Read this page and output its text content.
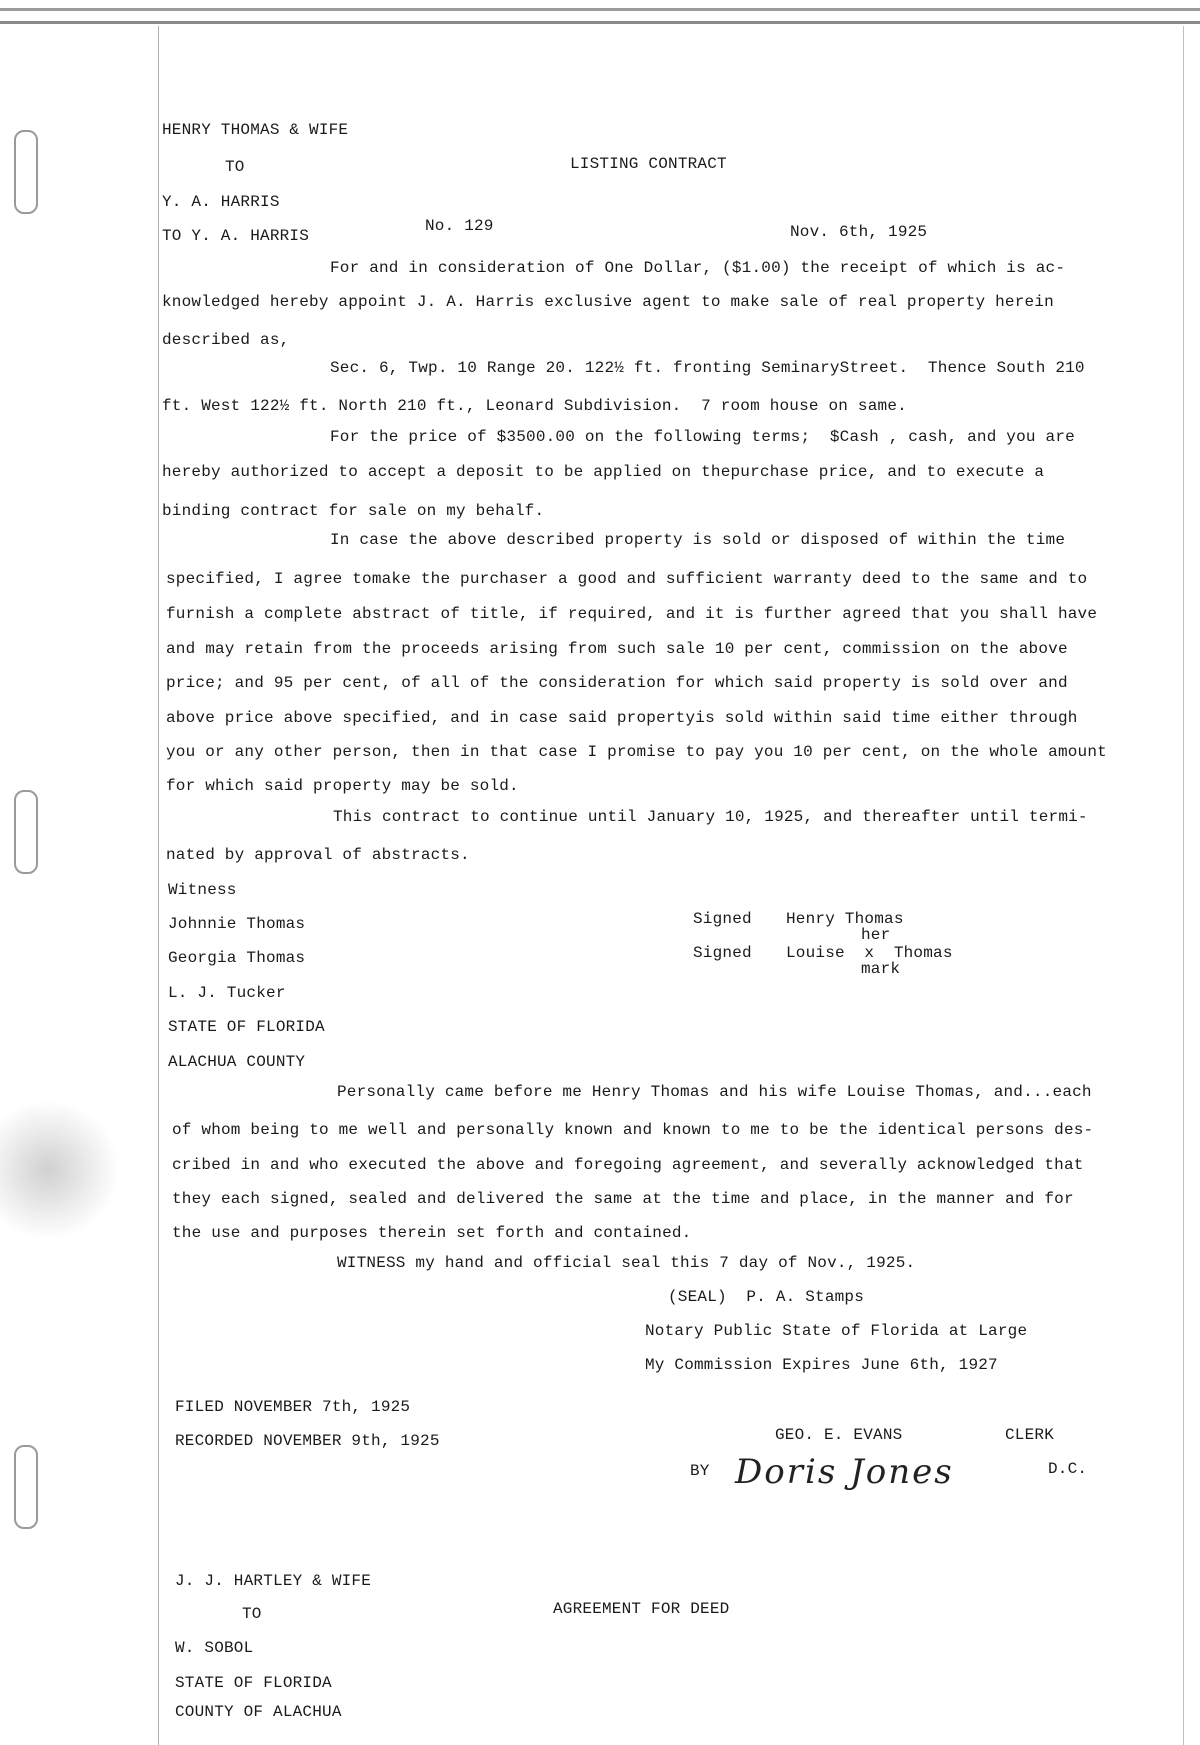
HENRY THOMAS & WIFE
TO	LISTING CONTRACT
Y. A. HARRIS
TO Y. A. HARRIS
No. 129	Nov. 6th, 1925
For and in consideration of One Dollar, ($1.00) the receipt of which is ac-
knowledged hereby appoint J. A. Harris exclusive agent to make sale of real property herein
described as,
Sec. 6, Twp. 10 Range 20. 122½ ft. fronting SeminaryStreet.  Thence South 210
ft. West 122½ ft. North 210 ft., Leonard Subdivision.  7 room house on same.
For the price of $3500.00 on the following terms;  $Cash , cash, and you are
hereby authorized to accept a deposit to be applied on thepurchase price, and to execute a
binding contract for sale on my behalf.
In case the above described property is sold or disposed of within the time
specified, I agree tomake the purchaser a good and sufficient warranty deed to the same and to
furnish a complete abstract of title, if required, and it is further agreed that you shall have
and may retain from the proceeds arising from such sale 10 per cent, commission on the above
price; and 95 per cent, of all of the consideration for which said property is sold over and
above price above specified, and in case said propertyis sold within said time either through
you or any other person, then in that case I promise to pay you 10 per cent, on the whole amount
for which said property may be sold.
This contract to continue until January 10, 1925, and thereafter until termi-
nated by approval of abstracts.
Witness
Johnnie Thomas
Georgia Thomas
L. J. Tucker
Signed Henry Thomas
her
Signed Louise  x  Thomas
mark
STATE OF FLORIDA
ALACHUA COUNTY
Personally came before me Henry Thomas and his wife Louise Thomas, and...each
of whom being to me well and personally known and known to me to be the identical persons des-
cribed in and who executed the above and foregoing agreement, and severally acknowledged that
they each signed, sealed and delivered the same at the time and place, in the manner and for
the use and purposes therein set forth and contained.
WITNESS my hand and official seal this 7 day of Nov., 1925.
(SEAL)  P. A. Stamps
Notary Public State of Florida at Large
My Commission Expires June 6th, 1927
FILED NOVEMBER 7th, 1925
RECORDED NOVEMBER 9th, 1925	GEO. E. EVANS	CLERK
BY Doris Jones	D.C.
J. J. HARTLEY & WIFE
TO	AGREEMENT FOR DEED
W. SOBOL
STATE OF FLORIDA
COUNTY OF ALACHUA
